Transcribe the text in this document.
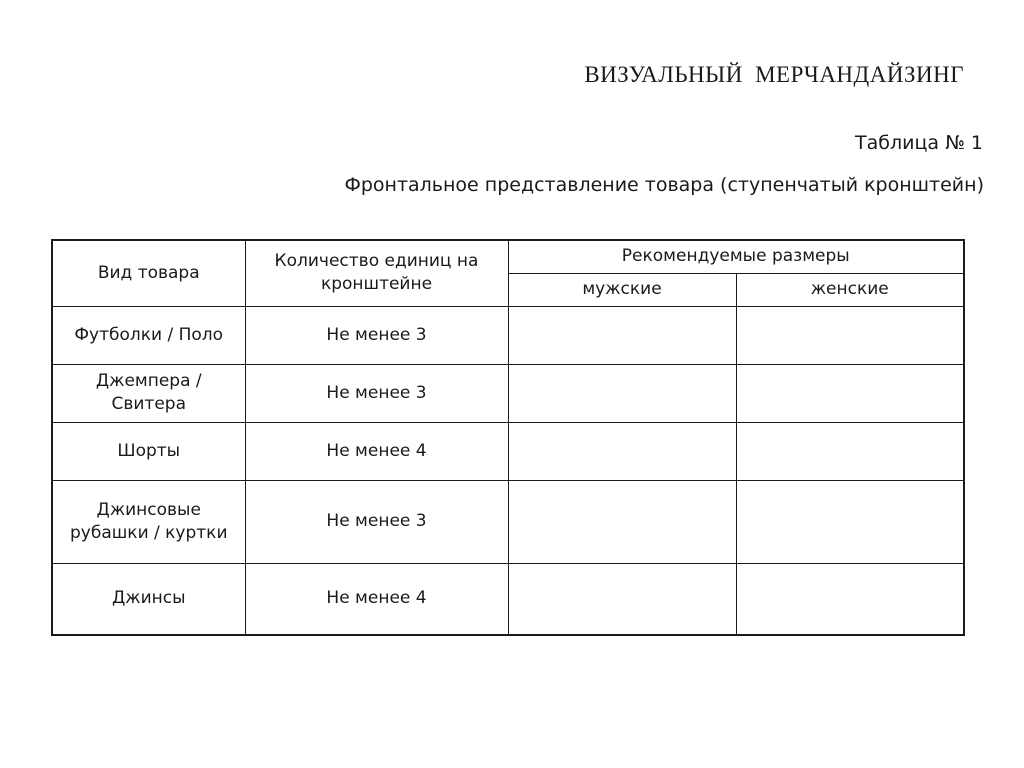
ВИЗУАЛЬНЫЙ МЕРЧАНДАЙЗИНГ
Таблица № 1
Фронтальное представление товара (ступенчатый кронштейн)
Вид товара	Количество единиц на кронштейне	Рекомендуемые размеры	
		мужские	женские
Футболки / Поло	Не менее 3		
Джемпера / Свитера	Не менее 3		
Шорты	Не менее 4		
Джинсовые рубашки / куртки	Не менее 3		
Джинсы	Не менее 4		
